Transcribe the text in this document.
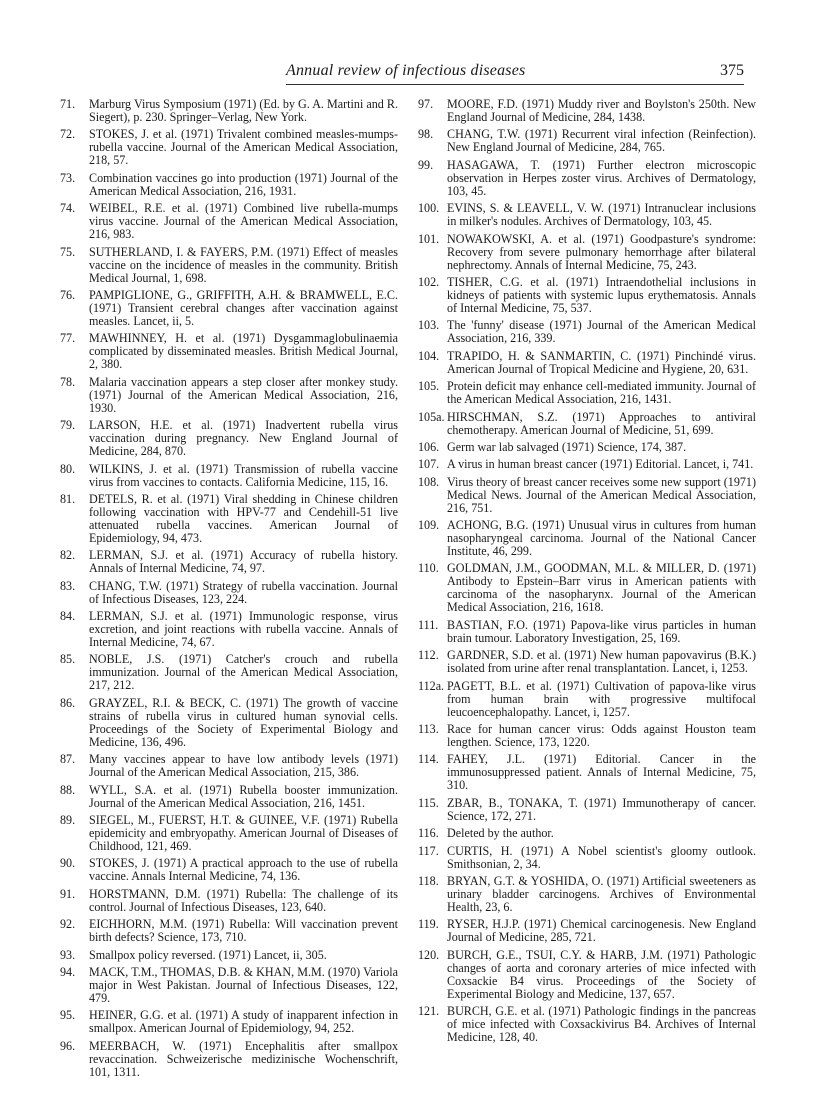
Annual review of infectious diseases	375
71. Marburg Virus Symposium (1971) (Ed. by G. A. Martini and R. Siegert), p. 230. Springer–Verlag, New York.
72. STOKES, J. et al. (1971) Trivalent combined measles-mumps-rubella vaccine. Journal of the American Medical Association, 218, 57.
73. Combination vaccines go into production (1971) Journal of the American Medical Association, 216, 1931.
74. WEIBEL, R.E. et al. (1971) Combined live rubella-mumps virus vaccine. Journal of the American Medical Association, 216, 983.
75. SUTHERLAND, I. & FAYERS, P.M. (1971) Effect of measles vaccine on the incidence of measles in the community. British Medical Journal, 1, 698.
76. PAMPIGLIONE, G., GRIFFITH, A.H. & BRAMWELL, E.C. (1971) Transient cerebral changes after vaccination against measles. Lancet, ii, 5.
77. MAWHINNEY, H. et al. (1971) Dysgammaglobulinaemia complicated by disseminated measles. British Medical Journal, 2, 380.
78. Malaria vaccination appears a step closer after monkey study. (1971) Journal of the American Medical Association, 216, 1930.
79. LARSON, H.E. et al. (1971) Inadvertent rubella virus vaccination during pregnancy. New England Journal of Medicine, 284, 870.
80. WILKINS, J. et al. (1971) Transmission of rubella vaccine virus from vaccines to contacts. California Medicine, 115, 16.
81. DETELS, R. et al. (1971) Viral shedding in Chinese children following vaccination with HPV-77 and Cendehill-51 live attenuated rubella vaccines. American Journal of Epidemiology, 94, 473.
82. LERMAN, S.J. et al. (1971) Accuracy of rubella history. Annals of Internal Medicine, 74, 97.
83. CHANG, T.W. (1971) Strategy of rubella vaccination. Journal of Infectious Diseases, 123, 224.
84. LERMAN, S.J. et al. (1971) Immunologic response, virus excretion, and joint reactions with rubella vaccine. Annals of Internal Medicine, 74, 67.
85. NOBLE, J.S. (1971) Catcher's crouch and rubella immunization. Journal of the American Medical Association, 217, 212.
86. GRAYZEL, R.I. & BECK, C. (1971) The growth of vaccine strains of rubella virus in cultured human synovial cells. Proceedings of the Society of Experimental Biology and Medicine, 136, 496.
87. Many vaccines appear to have low antibody levels (1971) Journal of the American Medical Association, 215, 386.
88. WYLL, S.A. et al. (1971) Rubella booster immunization. Journal of the American Medical Association, 216, 1451.
89. SIEGEL, M., FUERST, H.T. & GUINEE, V.F. (1971) Rubella epidemicity and embryopathy. American Journal of Diseases of Childhood, 121, 469.
90. STOKES, J. (1971) A practical approach to the use of rubella vaccine. Annals Internal Medicine, 74, 136.
91. HORSTMANN, D.M. (1971) Rubella: The challenge of its control. Journal of Infectious Diseases, 123, 640.
92. EICHHORN, M.M. (1971) Rubella: Will vaccination prevent birth defects? Science, 173, 710.
93. Smallpox policy reversed. (1971) Lancet, ii, 305.
94. MACK, T.M., THOMAS, D.B. & KHAN, M.M. (1970) Variola major in West Pakistan. Journal of Infectious Diseases, 122, 479.
95. HEINER, G.G. et al. (1971) A study of inapparent infection in smallpox. American Journal of Epidemiology, 94, 252.
96. MEERBACH, W. (1971) Encephalitis after smallpox revaccination. Schweizerische medizinische Wochenschrift, 101, 1311.
97. MOORE, F.D. (1971) Muddy river and Boylston's 250th. New England Journal of Medicine, 284, 1438.
98. CHANG, T.W. (1971) Recurrent viral infection (Reinfection). New England Journal of Medicine, 284, 765.
99. HASAGAWA, T. (1971) Further electron microscopic observation in Herpes zoster virus. Archives of Dermatology, 103, 45.
100. EVINS, S. & LEAVELL, V. W. (1971) Intranuclear inclusions in milker's nodules. Archives of Dermatology, 103, 45.
101. NOWAKOWSKI, A. et al. (1971) Goodpasture's syndrome: Recovery from severe pulmonary hemorrhage after bilateral nephrectomy. Annals of Internal Medicine, 75, 243.
102. TISHER, C.G. et al. (1971) Intraendothelial inclusions in kidneys of patients with systemic lupus erythematosis. Annals of Internal Medicine, 75, 537.
103. The 'funny' disease (1971) Journal of the American Medical Association, 216, 339.
104. TRAPIDO, H. & SANMARTIN, C. (1971) Pinchindé virus. American Journal of Tropical Medicine and Hygiene, 20, 631.
105. Protein deficit may enhance cell-mediated immunity. Journal of the American Medical Association, 216, 1431.
105a. HIRSCHMAN, S.Z. (1971) Approaches to antiviral chemotherapy. American Journal of Medicine, 51, 699.
106. Germ war lab salvaged (1971) Science, 174, 387.
107. A virus in human breast cancer (1971) Editorial. Lancet, i, 741.
108. Virus theory of breast cancer receives some new support (1971) Medical News. Journal of the American Medical Association, 216, 751.
109. ACHONG, B.G. (1971) Unusual virus in cultures from human nasopharyngeal carcinoma. Journal of the National Cancer Institute, 46, 299.
110. GOLDMAN, J.M., GOODMAN, M.L. & MILLER, D. (1971) Antibody to Epstein–Barr virus in American patients with carcinoma of the nasopharynx. Journal of the American Medical Association, 216, 1618.
111. BASTIAN, F.O. (1971) Papova-like virus particles in human brain tumour. Laboratory Investigation, 25, 169.
112. GARDNER, S.D. et al. (1971) New human papovavirus (B.K.) isolated from urine after renal transplantation. Lancet, i, 1253.
112a. PAGETT, B.L. et al. (1971) Cultivation of papova-like virus from human brain with progressive multifocal leucoencephalopathy. Lancet, i, 1257.
113. Race for human cancer virus: Odds against Houston team lengthen. Science, 173, 1220.
114. FAHEY, J.L. (1971) Editorial. Cancer in the immunosuppressed patient. Annals of Internal Medicine, 75, 310.
115. ZBAR, B., TONAKA, T. (1971) Immunotherapy of cancer. Science, 172, 271.
116. Deleted by the author.
117. CURTIS, H. (1971) A Nobel scientist's gloomy outlook. Smithsonian, 2, 34.
118. BRYAN, G.T. & YOSHIDA, O. (1971) Artificial sweeteners as urinary bladder carcinogens. Archives of Environmental Health, 23, 6.
119. RYSER, H.J.P. (1971) Chemical carcinogenesis. New England Journal of Medicine, 285, 721.
120. BURCH, G.E., TSUI, C.Y. & HARB, J.M. (1971) Pathologic changes of aorta and coronary arteries of mice infected with Coxsackie B4 virus. Proceedings of the Society of Experimental Biology and Medicine, 137, 657.
121. BURCH, G.E. et al. (1971) Pathologic findings in the pancreas of mice infected with Coxsackivirus B4. Archives of Internal Medicine, 128, 40.
